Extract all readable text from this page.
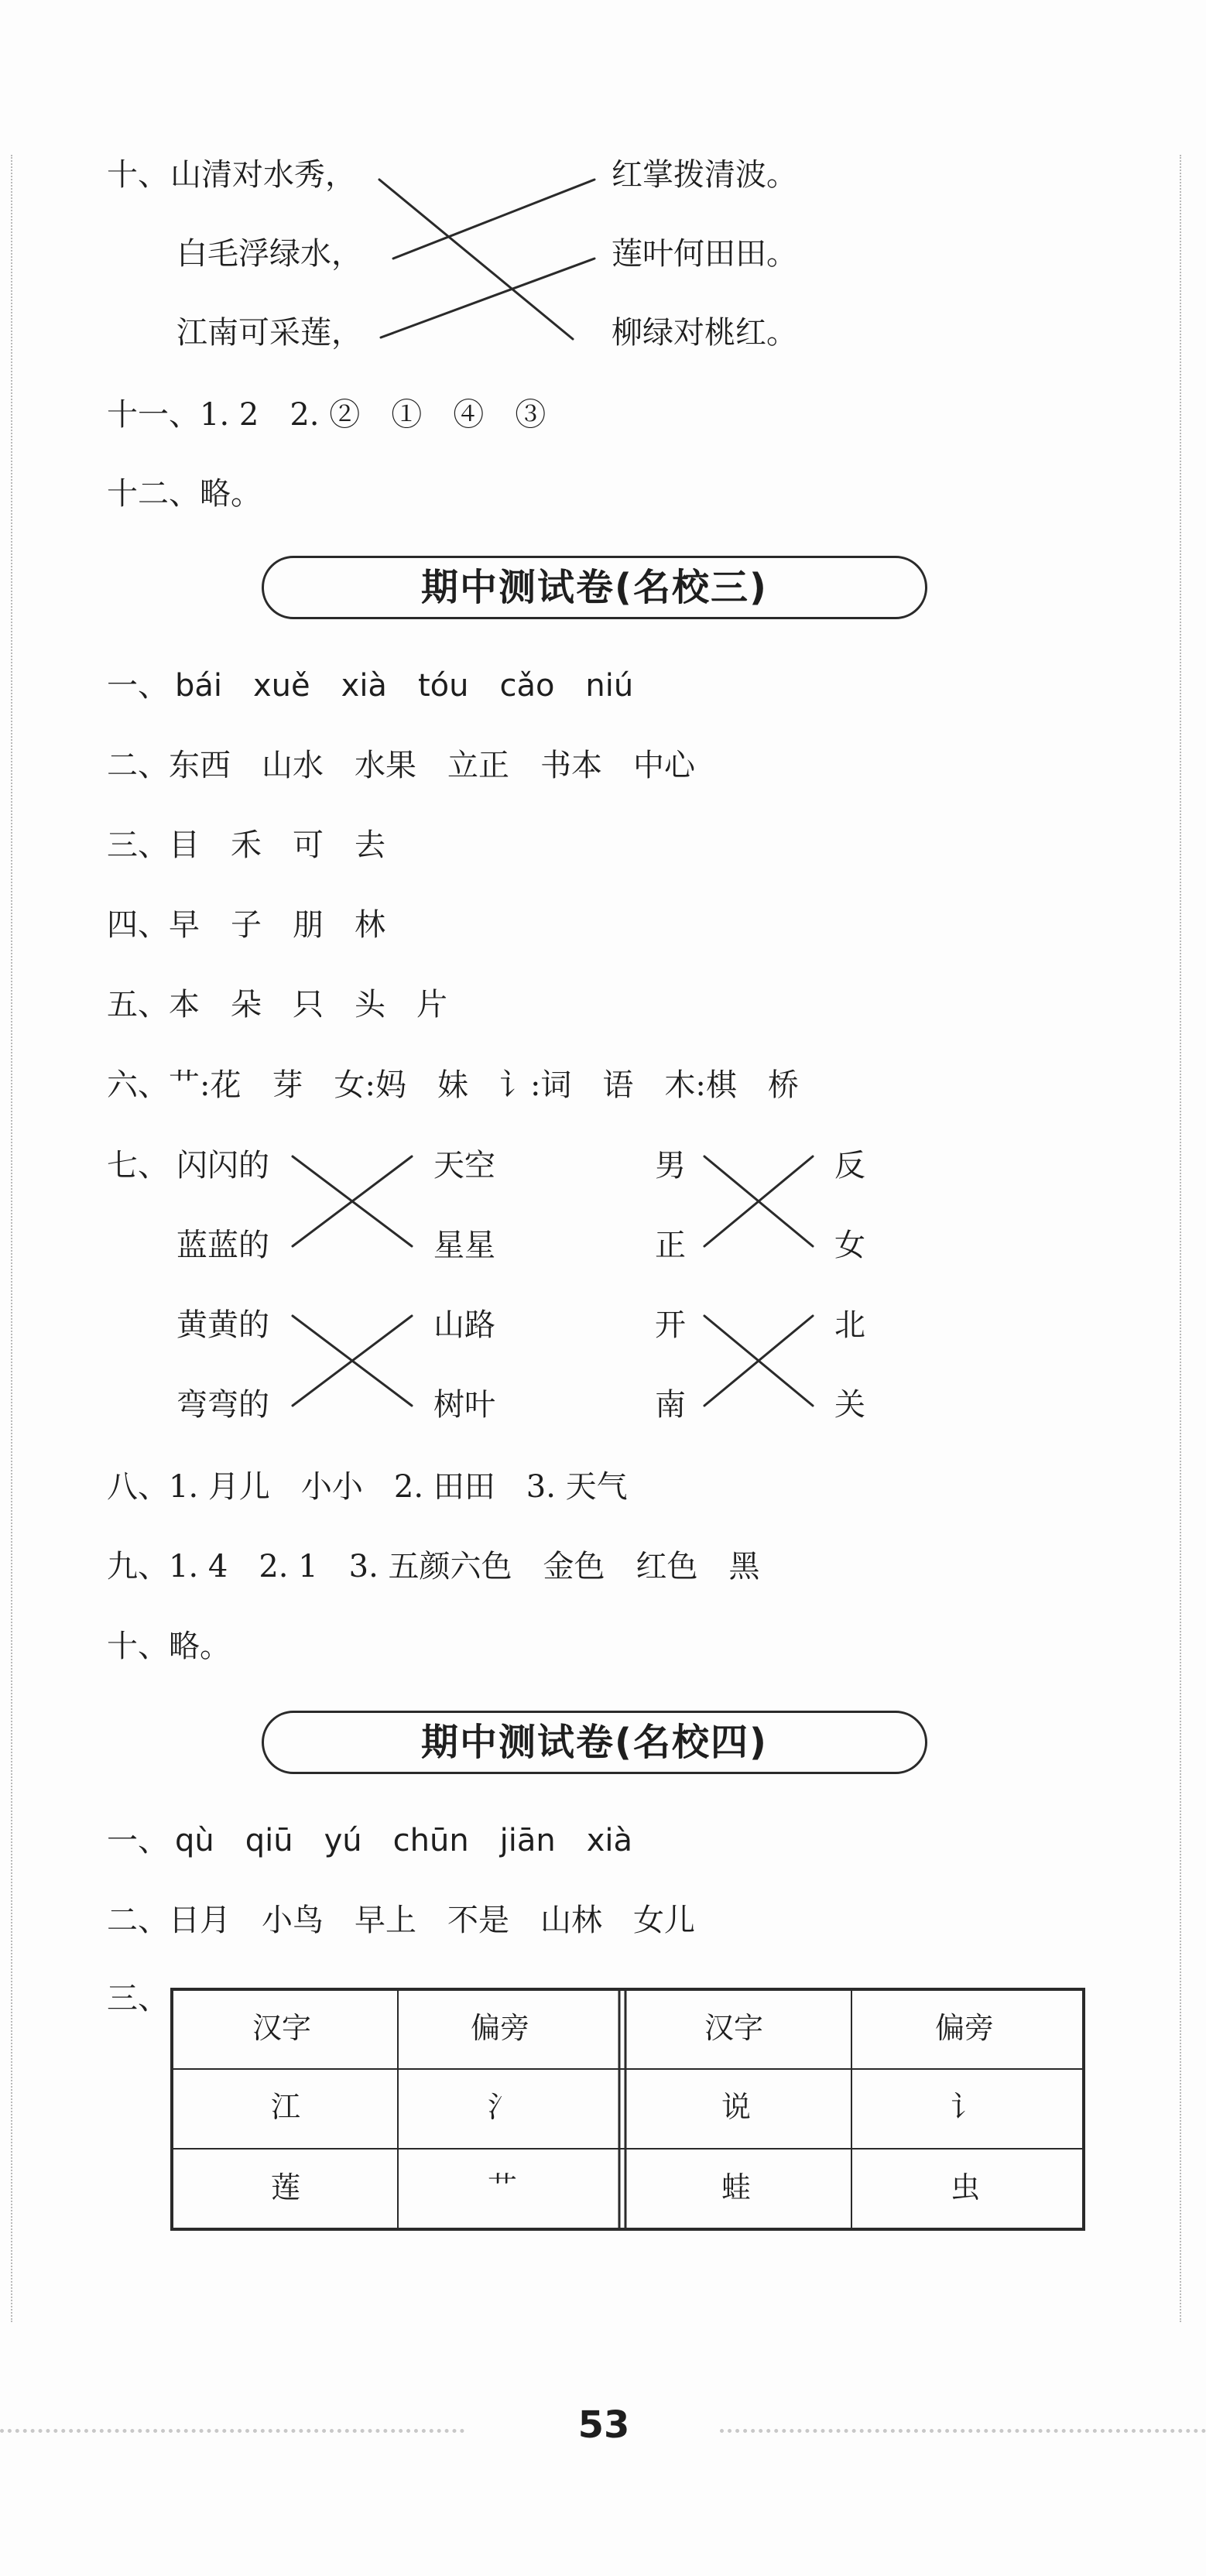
十、 山清对水秀，
白毛浮绿水，
江南可采莲，
红掌拨清波。
莲叶何田田。
柳绿对桃红。
十一、1. 2　2. ②　①　④　③
十二、略。
期中测试卷(名校三)
一、 bái　xuě　xià　tóu　cǎo　niú
二、东西　山水　水果　立正　书本　中心
三、目　禾　可　去
四、早　子　朋　林
五、本　朵　只　头　片
六、艹:花　芽　女:妈　妹　讠:词　语　木:棋　桥
七、 闪闪的
蓝蓝的
天空
星星
男
正
反
女
黄黄的
弯弯的
山路
树叶
开
南
北
关
八、1. 月儿　小小　2. 田田　3. 天气
九、1. 4　2. 1　3. 五颜六色　金色　红色　黑
十、略。
期中测试卷(名校四)
一、 qù　qiū　yú　chūn　jiān　xià
二、日月　小鸟　早上　不是　山林　女儿
三、
汉字	偏旁	汉字	偏旁
江	氵	说	讠
莲	艹	蛙	虫
53
